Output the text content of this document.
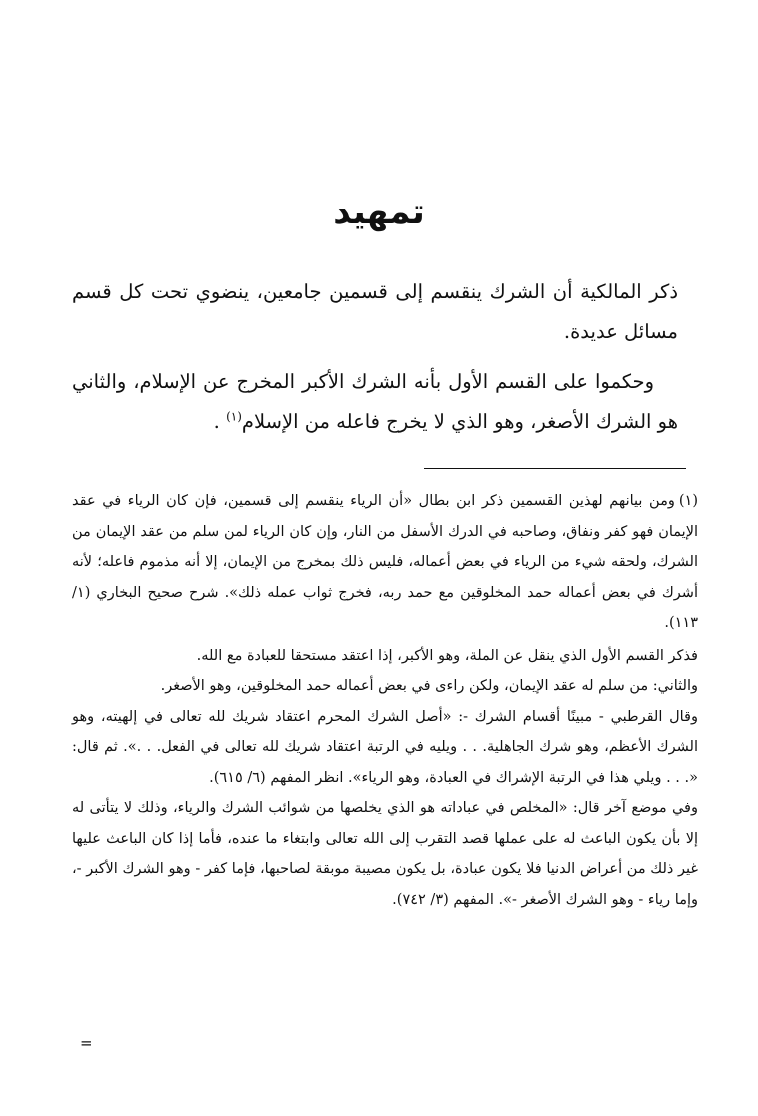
تمهيد

ذكر المالكية أن الشرك ينقسم إلى قسمين جامعين، ينضوي تحت كل قسم مسائل عديدة.

وحكموا على القسم الأول بأنه الشرك الأكبر المخرج عن الإسلام، والثاني هو الشرك الأصغر، وهو الذي لا يخرج فاعله من الإسلام$^{(١)}$ .

(١)ومن بيانهم لهذين القسمين ذكر ابن بطال «أن الرياء ينقسم إلى قسمين، فإن كان الرياء في عقد الإيمان فهو كفر ونفاق، وصاحبه في الدرك الأسفل من النار، وإن كان الرياء لمن سلم من عقد الإيمان من الشرك، ولحقه شيء من الرياء في بعض أعماله، فليس ذلك بمخرج من الإيمان، إلا أنه مذموم فاعله؛ لأنه أشرك في بعض أعماله حمد المخلوقين مع حمد ربه، فخرج ثواب عمله ذلك». شرح صحيح البخاري (١/ ١١٣).

فذكر القسم الأول الذي ينقل عن الملة، وهو الأكبر، إذا اعتقد مستحقا للعبادة مع الله.

والثاني: من سلم له عقد الإيمان، ولكن راءى في بعض أعماله حمد المخلوقين، وهو الأصغر.

وقال القرطبي - مبينًا أقسام الشرك -: «أصل الشرك المحرم اعتقاد شريك لله تعالى في إلهيته، وهو الشرك الأعظم، وهو شرك الجاهلية. . . ويليه في الرتبة اعتقاد شريك لله تعالى في الفعل. . .». ثم قال: «. . . ويلي هذا في الرتبة الإشراك في العبادة، وهو الرياء». انظر المفهم (٦/ ٦١٥).

وفي موضع آخر قال: «المخلص في عباداته هو الذي يخلصها من شوائب الشرك والرياء، وذلك لا يتأتى له إلا بأن يكون الباعث له على عملها قصد التقرب إلى الله تعالى وابتغاء ما عنده، فأما إذا كان الباعث عليها غير ذلك من أعراض الدنيا فلا يكون عبادة، بل يكون مصيبة موبقة لصاحبها، فإما كفر - وهو الشرك الأكبر -، وإما رياء - وهو الشرك الأصغر -». المفهم (٣/ ٧٤٢).

=
